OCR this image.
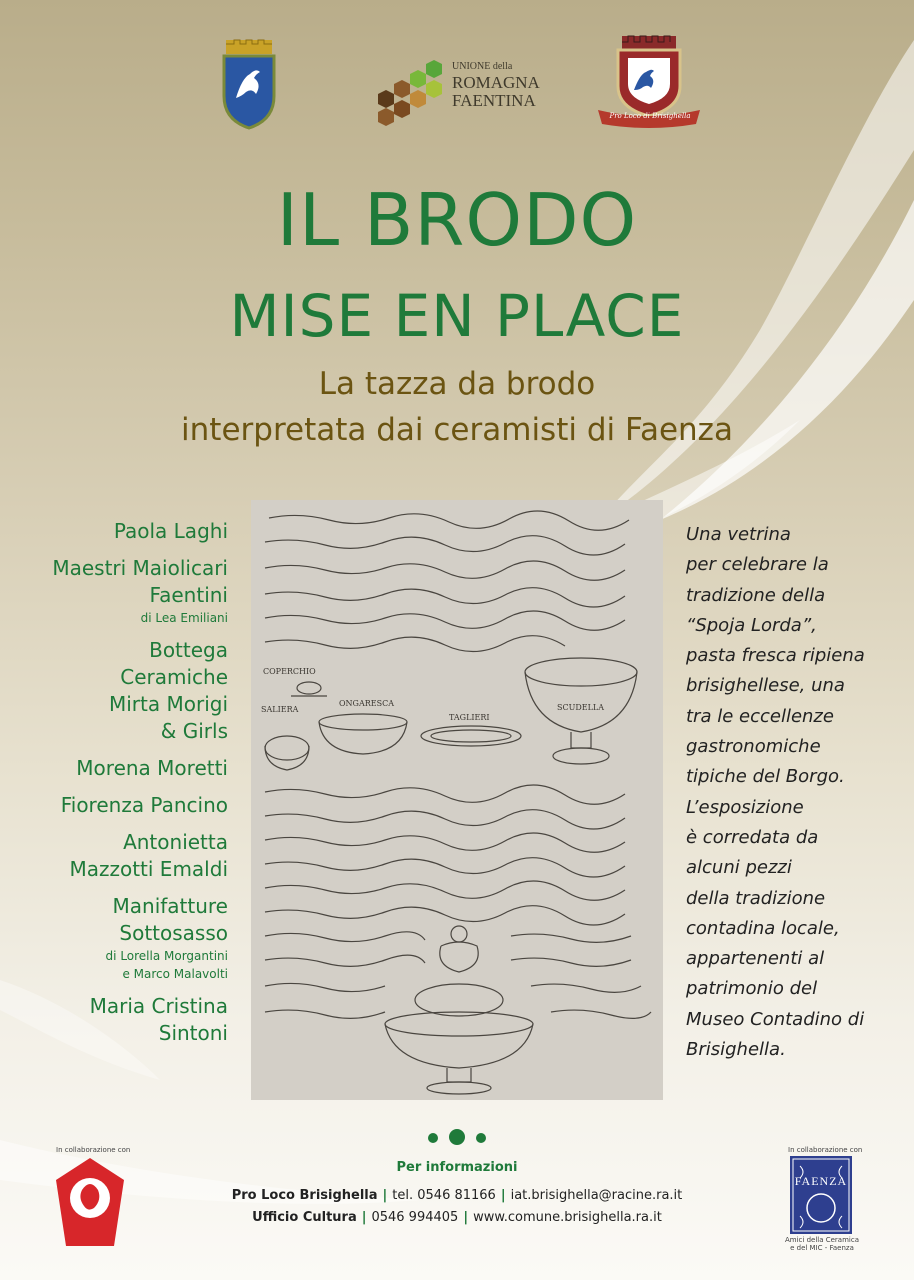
UNIONE della
ROMAGNA
FAENTINA
Pro Loco di Brisighella
IL BRODO
MISE EN PLACE
La tazza da brodo
interpretata dai ceramisti di Faenza
Paola Laghi
Maestri Maiolicari
Faentini
di Lea Emiliani
Bottega
Ceramiche
Mirta Morigi
& Girls
Morena Moretti
Fiorenza Pancino
Antonietta
Mazzotti Emaldi
Manifatture
Sottosasso
di Lorella Morgantini
e Marco Malavolti
Maria Cristina
Sintoni
COPERCHIO
SALIERA
ONGARESCA
TAGLIERI
SCUDELLA
Una vetrina
per celebrare la
tradizione della
“Spoja Lorda”,
pasta fresca ripiena
brisighellese, una
tra le eccellenze
gastronomiche
tipiche del Borgo.
L’esposizione
è corredata da
alcuni pezzi
della tradizione
contadina locale,
appartenenti al
patrimonio del
Museo Contadino di
Brisighella.
In collaborazione con
Per informazioni
Pro Loco Brisighella | tel. 0546 81166 | iat.brisighella@racine.ra.it
Ufficio Cultura | 0546 994405 | www.comune.brisighella.ra.it
In collaborazione con
FAENZA
Amici della Ceramica
e del MIC - Faenza
